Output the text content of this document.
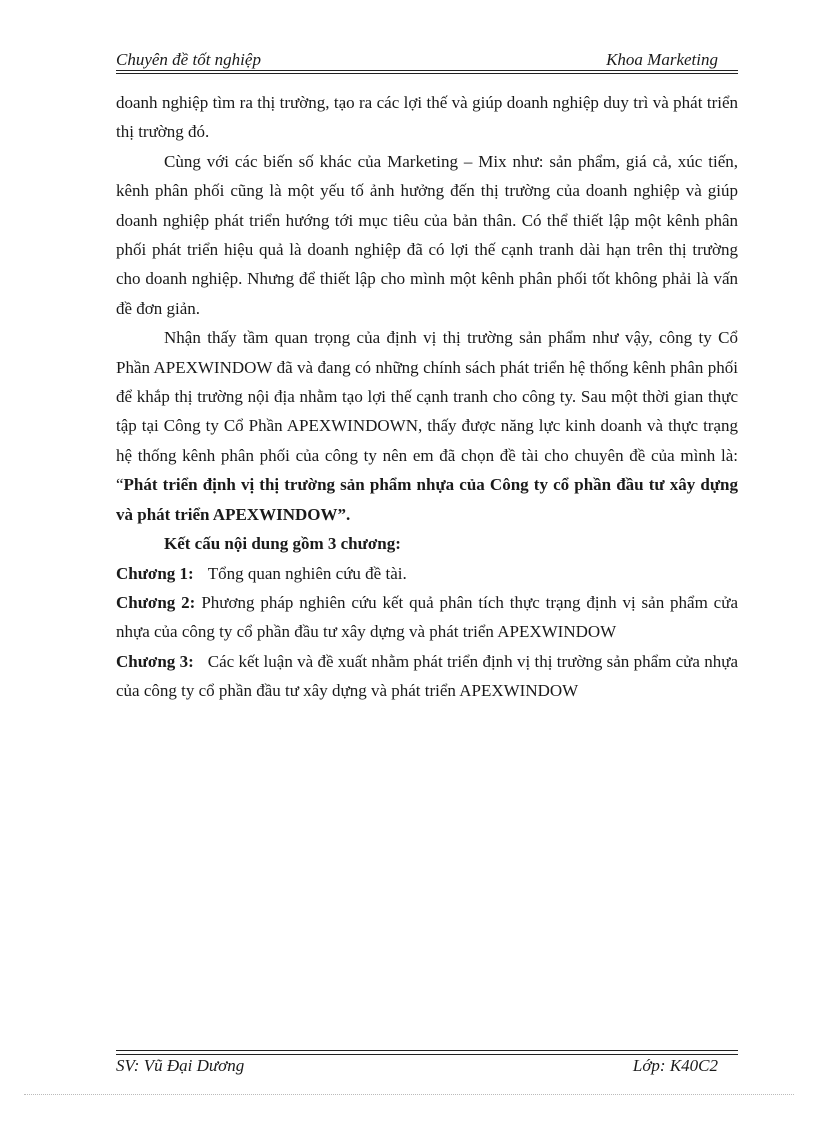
Chuyên đề tốt nghiệp	Khoa Marketing

doanh nghiệp tìm ra thị trường, tạo ra các lợi thế và giúp doanh nghiệp duy trì và phát triển thị trường đó.

Cùng với các biến số khác của Marketing – Mix như: sản phẩm, giá cả, xúc tiến, kênh phân phối cũng là một yếu tố ảnh hưởng đến thị trường của doanh nghiệp và giúp doanh nghiệp phát triển hướng tới mục tiêu của bản thân. Có thể thiết lập một kênh phân phối phát triển hiệu quả là doanh nghiệp đã có lợi thế cạnh tranh dài hạn trên thị trường cho doanh nghiệp. Nhưng để thiết lập cho mình một kênh phân phối tốt không phải là vấn đề đơn giản.

Nhận thấy tầm quan trọng của định vị thị trường sản phẩm như vậy, công ty Cổ Phần APEXWINDOW đã và đang có những chính sách phát triển hệ thống kênh phân phối để khắp thị trường nội địa nhằm tạo lợi thế cạnh tranh cho công ty. Sau một thời gian thực tập tại Công ty Cổ Phần APEXWINDOWN, thấy được năng lực kinh doanh và thực trạng hệ thống kênh phân phối của công ty nên em đã chọn đề tài cho chuyên đề của mình là: “Phát triển định vị thị trường sản phẩm nhựa của Công ty cổ phần đầu tư xây dựng và phát triển APEXWINDOW”.

Kết cấu nội dung gồm 3 chương:

Chương 1: Tổng quan nghiên cứu đề tài.

Chương 2: Phương pháp nghiên cứu kết quả phân tích thực trạng định vị sản phẩm cửa nhựa của công ty cổ phần đầu tư xây dựng và phát triển APEXWINDOW

Chương 3: Các kết luận và đề xuất nhằm phát triển định vị thị trường sản phẩm cửa nhựa của công ty cổ phần đầu tư xây dựng và phát triển APEXWINDOW

SV: Vũ Đại Dương	Lớp: K40C2
